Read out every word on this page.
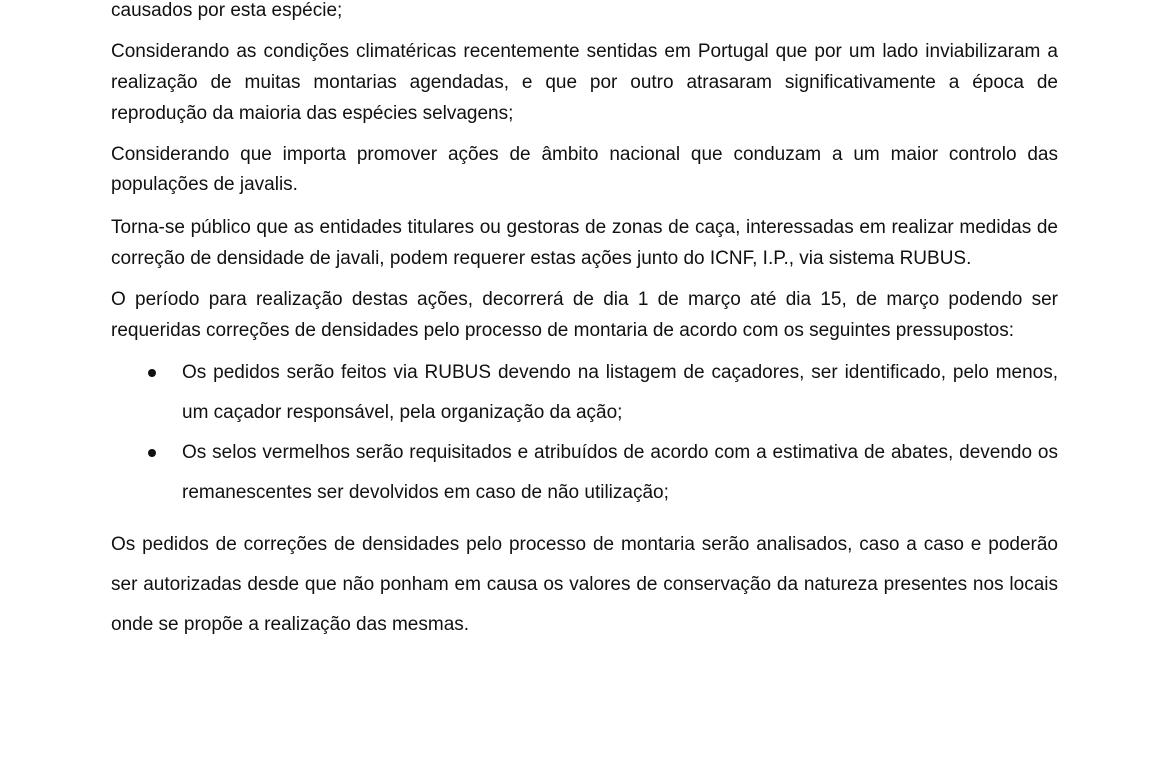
causados por esta espécie;

Considerando as condições climatéricas recentemente sentidas em Portugal que por um lado inviabilizaram a realização de muitas montarias agendadas, e que por outro atrasaram significativamente a época de reprodução da maioria das espécies selvagens;

Considerando que importa promover ações de âmbito nacional que conduzam a um maior controlo das populações de javalis.

Torna-se público que as entidades titulares ou gestoras de zonas de caça, interessadas em realizar medidas de correção de densidade de javali, podem requerer estas ações junto do ICNF, I.P., via sistema RUBUS.

O período para realização destas ações, decorrerá de dia 1 de março até dia 15, de março podendo ser requeridas correções de densidades pelo processo de montaria de acordo com os seguintes pressupostos:

Os pedidos serão feitos via RUBUS devendo na listagem de caçadores, ser identificado, pelo menos, um caçador responsável, pela organização da ação;

Os selos vermelhos serão requisitados e atribuídos de acordo com a estimativa de abates, devendo os remanescentes ser devolvidos em caso de não utilização;

Os pedidos de correções de densidades pelo processo de montaria serão analisados, caso a caso e poderão ser autorizadas desde que não ponham em causa os valores de conservação da natureza presentes nos locais onde se propõe a realização das mesmas.
